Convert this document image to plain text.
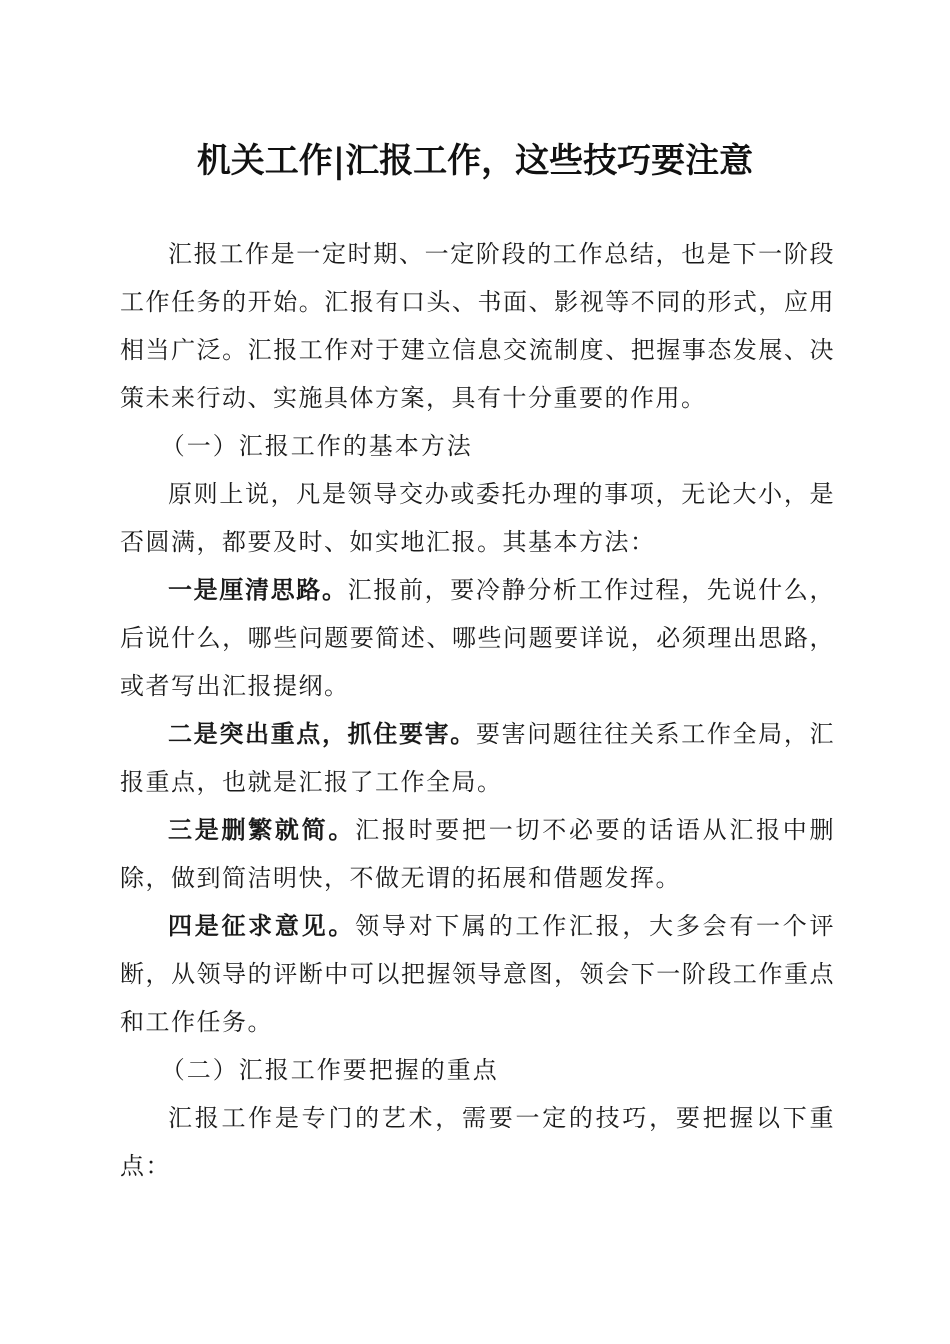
机关工作|汇报工作，这些技巧要注意

汇报工作是一定时期、一定阶段的工作总结，也是下一阶段工作任务的开始。汇报有口头、书面、影视等不同的形式，应用相当广泛。汇报工作对于建立信息交流制度、把握事态发展、决策未来行动、实施具体方案，具有十分重要的作用。

（一）汇报工作的基本方法

原则上说，凡是领导交办或委托办理的事项，无论大小，是否圆满，都要及时、如实地汇报。其基本方法：

一是厘清思路。汇报前，要冷静分析工作过程，先说什么，后说什么，哪些问题要简述、哪些问题要详说，必须理出思路，或者写出汇报提纲。

二是突出重点，抓住要害。要害问题往往关系工作全局，汇报重点，也就是汇报了工作全局。

三是删繁就简。汇报时要把一切不必要的话语从汇报中删除，做到简洁明快，不做无谓的拓展和借题发挥。

四是征求意见。领导对下属的工作汇报，大多会有一个评断，从领导的评断中可以把握领导意图，领会下一阶段工作重点和工作任务。

（二）汇报工作要把握的重点

汇报工作是专门的艺术，需要一定的技巧，要把握以下重点：
